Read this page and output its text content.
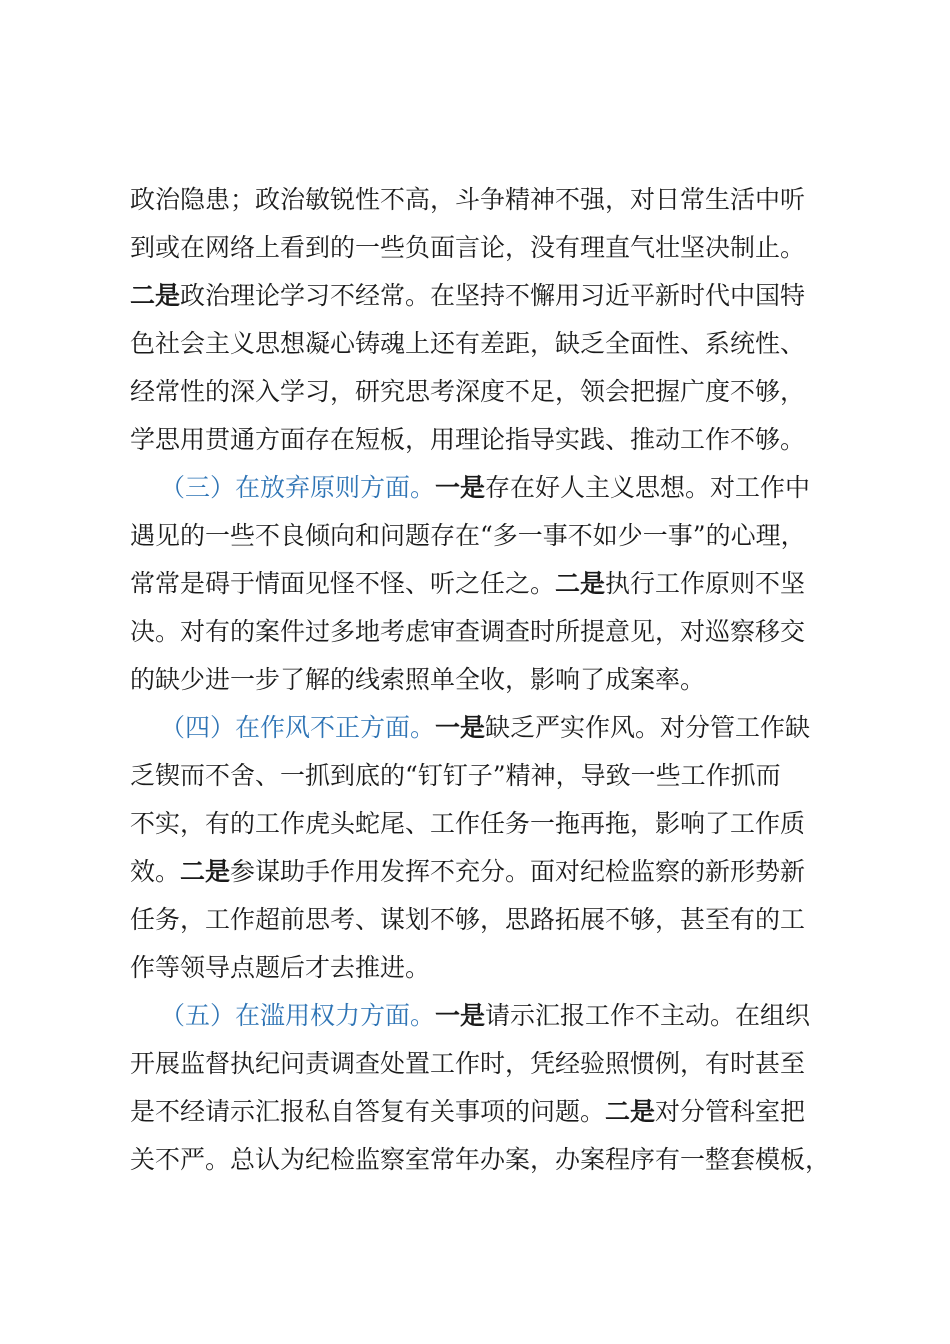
政治隐患；政治敏锐性不高，斗争精神不强，对日常生活中听
到或在网络上看到的一些负面言论，没有理直气壮坚决制止。
二是政治理论学习不经常。在坚持不懈用习近平新时代中国特
色社会主义思想凝心铸魂上还有差距，缺乏全面性、系统性、
经常性的深入学习，研究思考深度不足，领会把握广度不够，
学思用贯通方面存在短板，用理论指导实践、推动工作不够。
（三）在放弃原则方面。一是存在好人主义思想。对工作中
遇见的一些不良倾向和问题存在“多一事不如少一事”的心理，
常常是碍于情面见怪不怪、听之任之。二是执行工作原则不坚
决。对有的案件过多地考虑审查调查时所提意见，对巡察移交
的缺少进一步了解的线索照单全收，影响了成案率。
（四）在作风不正方面。一是缺乏严实作风。对分管工作缺
乏锲而不舍、一抓到底的“钉钉子”精神，导致一些工作抓而
不实，有的工作虎头蛇尾、工作任务一拖再拖，影响了工作质
效。二是参谋助手作用发挥不充分。面对纪检监察的新形势新
任务，工作超前思考、谋划不够，思路拓展不够，甚至有的工
作等领导点题后才去推进。
（五）在滥用权力方面。一是请示汇报工作不主动。在组织
开展监督执纪问责调查处置工作时，凭经验照惯例，有时甚至
是不经请示汇报私自答复有关事项的问题。二是对分管科室把
关不严。总认为纪检监察室常年办案，办案程序有一整套模板，
